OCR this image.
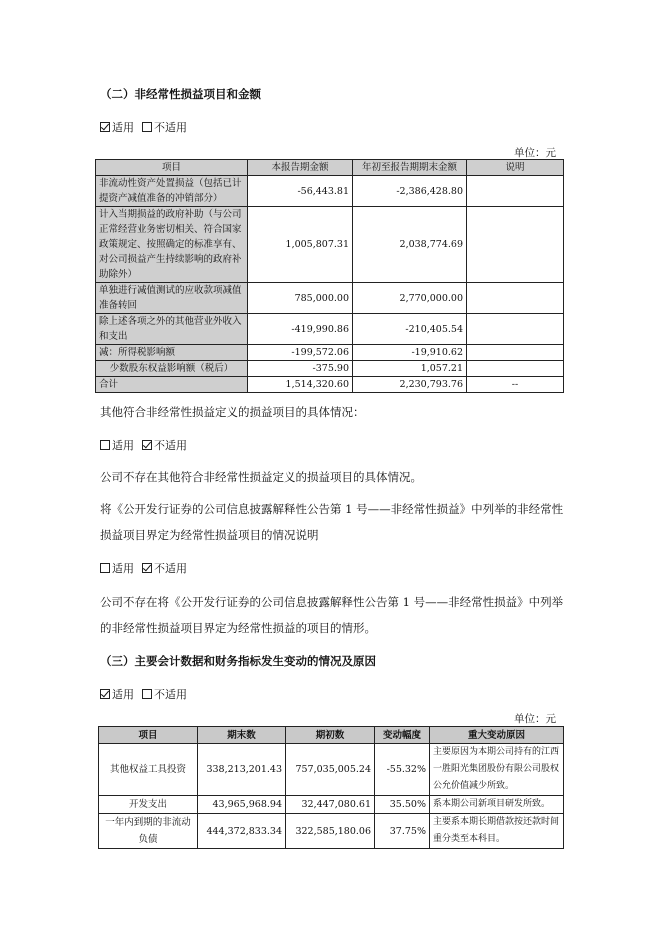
（二）非经常性损益项目和金额
适用 不适用
单位：元
项目	本报告期金额	年初至报告期期末金额	说明
非流动性资产处置损益（包括已计提资产减值准备的冲销部分）	-56,443.81	-2,386,428.80	
计入当期损益的政府补助（与公司正常经营业务密切相关、符合国家政策规定、按照确定的标准享有、对公司损益产生持续影响的政府补助除外）	1,005,807.31	2,038,774.69	
单独进行减值测试的应收款项减值准备转回	785,000.00	2,770,000.00	
除上述各项之外的其他营业外收入和支出	-419,990.86	-210,405.54	
减：所得税影响额	-199,572.06	-19,910.62	
少数股东权益影响额（税后）	-375.90	1,057.21	
合计	1,514,320.60	2,230,793.76	--
其他符合非经常性损益定义的损益项目的具体情况：
适用 不适用
公司不存在其他符合非经常性损益定义的损益项目的具体情况。
将《公开发行证券的公司信息披露解释性公告第 1 号——非经常性损益》中列举的非经常性
损益项目界定为经常性损益项目的情况说明
适用 不适用
公司不存在将《公开发行证券的公司信息披露解释性公告第 1 号——非经常性损益》中列举
的非经常性损益项目界定为经常性损益的项目的情形。
（三）主要会计数据和财务指标发生变动的情况及原因
适用 不适用
单位：元
项目	期末数	期初数	变动幅度	重大变动原因
其他权益工具投资	338,213,201.43	757,035,005.24	-55.32%	主要原因为本期公司持有的江西一胜阳光集团股份有限公司股权公允价值减少所致。
开发支出	43,965,968.94	32,447,080.61	35.50%	系本期公司新项目研发所致。
一年内到期的非流动负债	444,372,833.34	322,585,180.06	37.75%	主要系本期长期借款按还款时间重分类至本科目。
